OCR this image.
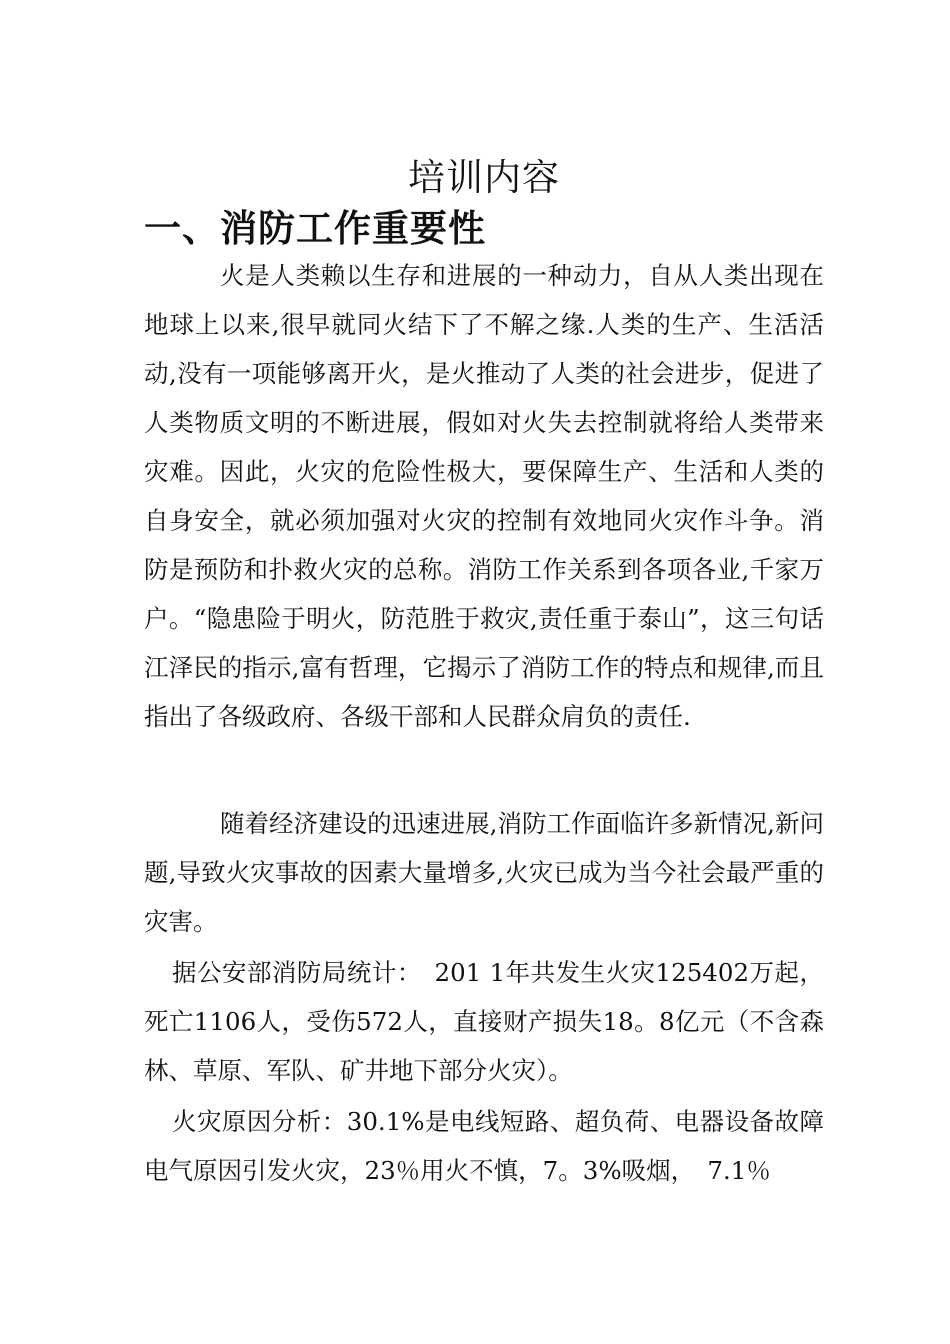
培训内容
一、消防工作重要性

火是人类赖以生存和进展的一种动力，自从人类出现在地球上以来,很早就同火结下了不解之缘.人类的生产、生活活动,没有一项能够离开火，是火推动了人类的社会进步，促进了人类物质文明的不断进展，假如对火失去控制就将给人类带来灾难。因此，火灾的危险性极大，要保障生产、生活和人类的自身安全，就必须加强对火灾的控制有效地同火灾作斗争。消防是预防和扑救火灾的总称。消防工作关系到各项各业,千家万户。“隐患险于明火，防范胜于救灾,责任重于泰山”，这三句话江泽民的指示,富有哲理，它揭示了消防工作的特点和规律,而且指出了各级政府、各级干部和人民群众肩负的责任.

随着经济建设的迅速进展,消防工作面临许多新情况,新问题,导致火灾事故的因素大量增多,火灾已成为当今社会最严重的灾害。

据公安部消防局统计：　201 1年共发生火灾125402万起，死亡1106人，受伤572人，直接财产损失18。8亿元（不含森林、草原、军队、矿井地下部分火灾）。

火灾原因分析：30.1%是电线短路、超负荷、电器设备故障电气原因引发火灾，23％用火不慎，7。3%吸烟，　7.1％
